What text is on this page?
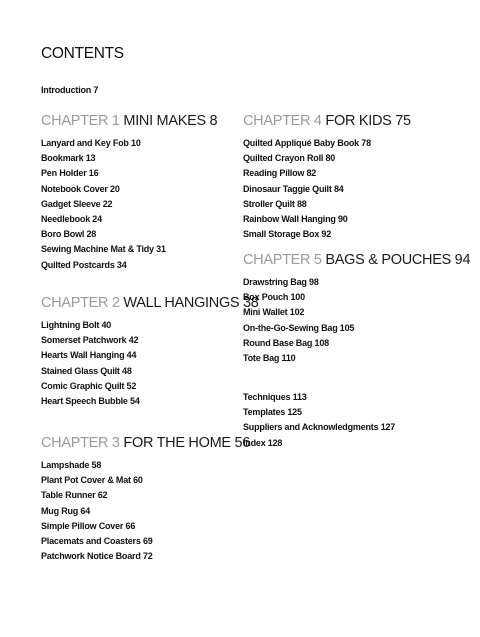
CONTENTS
Introduction 7
CHAPTER 1 MINI MAKES 8
Lanyard and Key Fob 10
Bookmark 13
Pen Holder 16
Notebook Cover 20
Gadget Sleeve 22
Needlebook 24
Boro Bowl 28
Sewing Machine Mat & Tidy 31
Quilted Postcards 34
CHAPTER 2 WALL HANGINGS 38
Lightning Bolt 40
Somerset Patchwork 42
Hearts Wall Hanging 44
Stained Glass Quilt 48
Comic Graphic Quilt 52
Heart Speech Bubble 54
CHAPTER 3 FOR THE HOME 56
Lampshade 58
Plant Pot Cover & Mat 60
Table Runner 62
Mug Rug 64
Simple Pillow Cover 66
Placemats and Coasters 69
Patchwork Notice Board 72
CHAPTER 4 FOR KIDS 75
Quilted Appliqué Baby Book 78
Quilted Crayon Roll 80
Reading Pillow 82
Dinosaur Taggie Quilt 84
Stroller Quilt 88
Rainbow Wall Hanging 90
Small Storage Box 92
CHAPTER 5 BAGS & POUCHES 94
Drawstring Bag 98
Box Pouch 100
Mini Wallet 102
On-the-Go-Sewing Bag 105
Round Base Bag 108
Tote Bag 110
Techniques 113
Templates 125
Suppliers and Acknowledgments 127
Index 128
